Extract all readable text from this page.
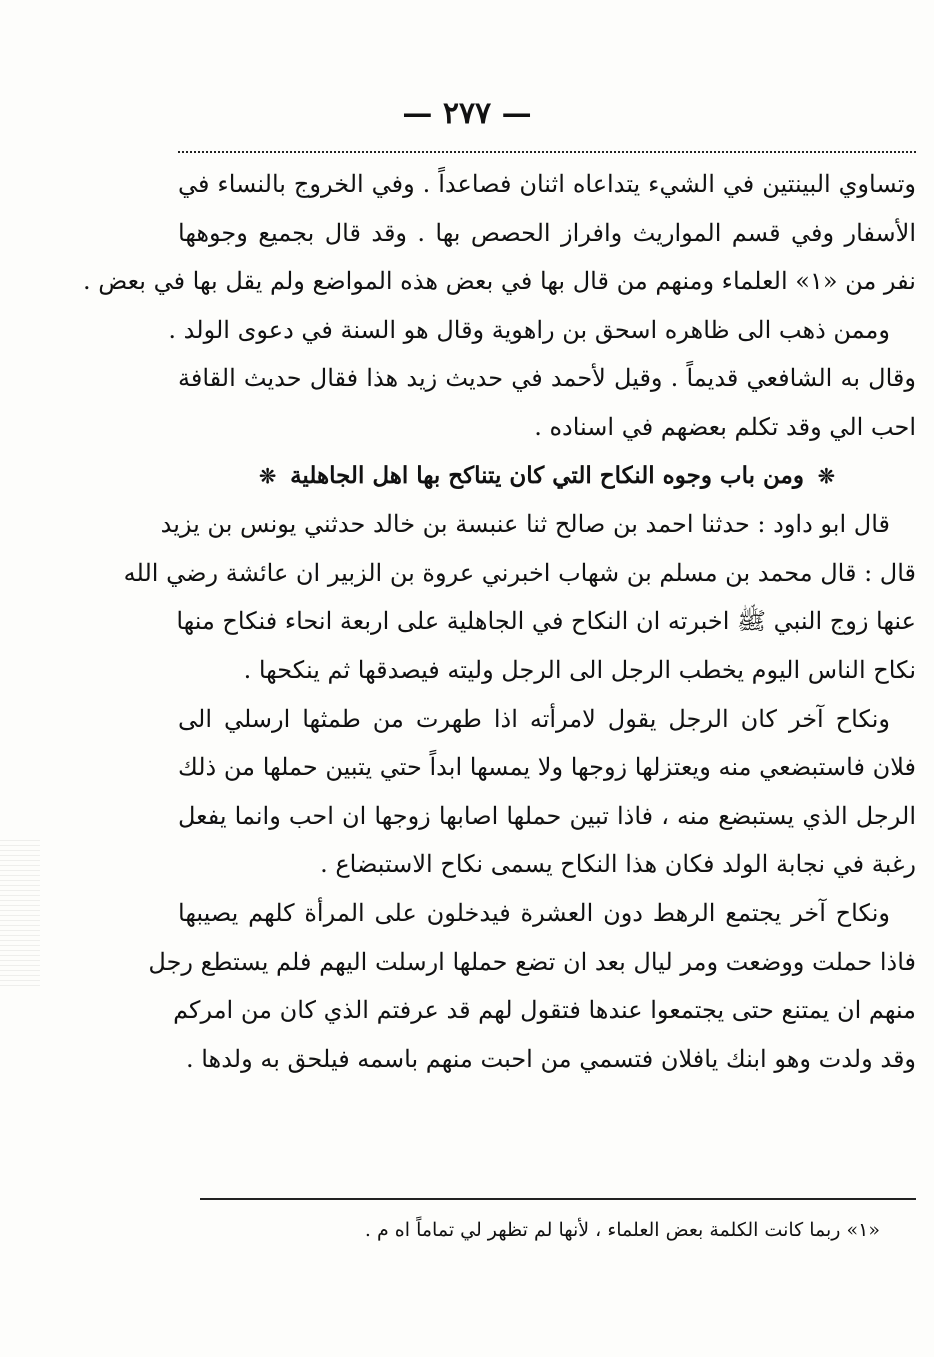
— ٢٧٧ —
وتساوي البينتين في الشيء يتداعاه اثنان فصاعداً . وفي الخروج بالنساء في
الأسفار وفي قسم المواريث وافراز الحصص بها . وقد قال بجميع وجوهها
نفر من «١» العلماء ومنهم من قال بها في بعض هذه المواضع ولم يقل بها في بعض .
وممن ذهب الى ظاهره اسحق بن راهوية وقال هو السنة في دعوى الولد .
وقال به الشافعي قديماً . وقيل لأحمد في حديث زيد هذا فقال حديث القافة
احب الي وقد تكلم بعضهم في اسناده .
❊ ومن باب وجوه النكاح التي كان يتناكح بها اهل الجاهلية ❊
قال ابو داود : حدثنا احمد بن صالح ثنا عنبسة بن خالد حدثني يونس بن يزيد
قال : قال محمد بن مسلم بن شهاب اخبرني عروة بن الزبير ان عائشة رضي الله
عنها زوج النبي ﷺ اخبرته ان النكاح في الجاهلية على اربعة انحاء فنكاح منها
نكاح الناس اليوم يخطب الرجل الى الرجل وليته فيصدقها ثم ينكحها .
ونكاح آخر كان الرجل يقول لامرأته اذا طهرت من طمثها ارسلي الى
فلان فاستبضعي منه ويعتزلها زوجها ولا يمسها ابداً حتي يتبين حملها من ذلك
الرجل الذي يستبضع منه ، فاذا تبين حملها اصابها زوجها ان احب وانما يفعل
رغبة في نجابة الولد فكان هذا النكاح يسمى نكاح الاستبضاع .
ونكاح آخر يجتمع الرهط دون العشرة فيدخلون على المرأة كلهم يصيبها
فاذا حملت ووضعت ومر ليال بعد ان تضع حملها ارسلت اليهم فلم يستطع رجل
منهم ان يمتنع حتى يجتمعوا عندها فتقول لهم قد عرفتم الذي كان من امركم
وقد ولدت وهو ابنك يافلان فتسمي من احبت منهم باسمه فيلحق به ولدها .
«١» ربما كانت الكلمة بعض العلماء ، لأنها لم تظهر لي تماماً اه م .
